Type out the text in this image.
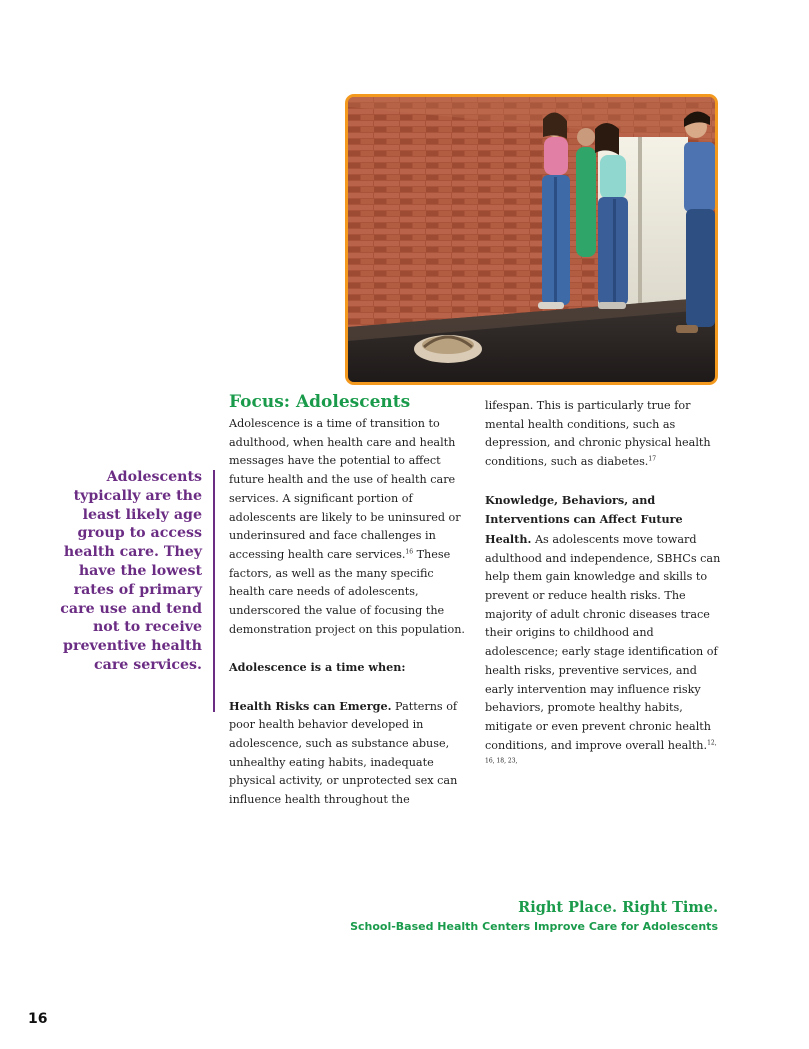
Focus: Adolescents

Adolescence is a time of transition to adulthood, when health care and health messages have the potential to affect future health and the use of health care services. A significant portion of adolescents are likely to be uninsured or underinsured and face challenges in accessing health care services.$^{16}$ These factors, as well as the many specific health care needs of adolescents, underscored the value of focusing the demonstration project on this population.

Adolescence is a time when:

Health Risks can Emerge. Patterns of poor health behavior developed in adolescence, such as substance abuse, unhealthy eating habits, inadequate physical activity, or unprotected sex can influence health throughout the

lifespan. This is particularly true for mental health conditions, such as depression, and chronic physical health conditions, such as diabetes.$^{17}$

Knowledge, Behaviors, and Interventions can Affect Future Health. As adolescents move toward adulthood and independence, SBHCs can help them gain knowledge and skills to prevent or reduce health risks. The majority of adult chronic diseases trace their origins to childhood and adolescence; early stage identification of health risks, preventive services, and early intervention may influence risky behaviors, promote healthy habits, mitigate or even prevent chronic health conditions, and improve overall health.$^{12, 16, 18, 23,}$

Adolescents typically are the least likely age group to access health care. They have the lowest rates of primary care use and tend not to receive preventive health care services.
Right Place. Right Time.
School-Based Health Centers Improve Care for Adolescents
16
